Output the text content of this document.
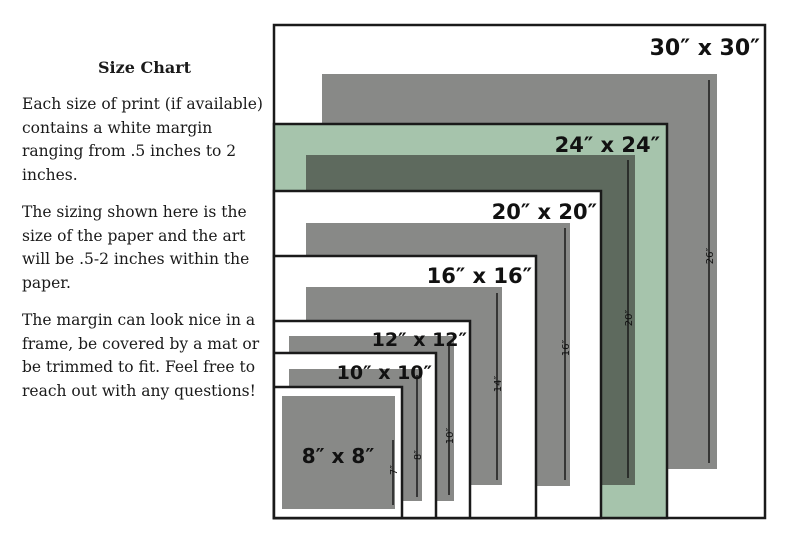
Size Chart

Each size of print (if available) contains a white margin ranging from .5 inches to 2 inches.

The sizing shown here is the size of the paper and the art will be .5-2 inches within the paper.

The margin can look nice in a frame, be covered by a mat or be trimmed to fit. Feel free to reach out with any questions!

26″
30″ x 30″
20″
24″ x 24″
16″
20″ x 20″
14″
16″ x 16″
10″
12″ x 12″
8″
10″ x 10″
7″
8″ x 8″
